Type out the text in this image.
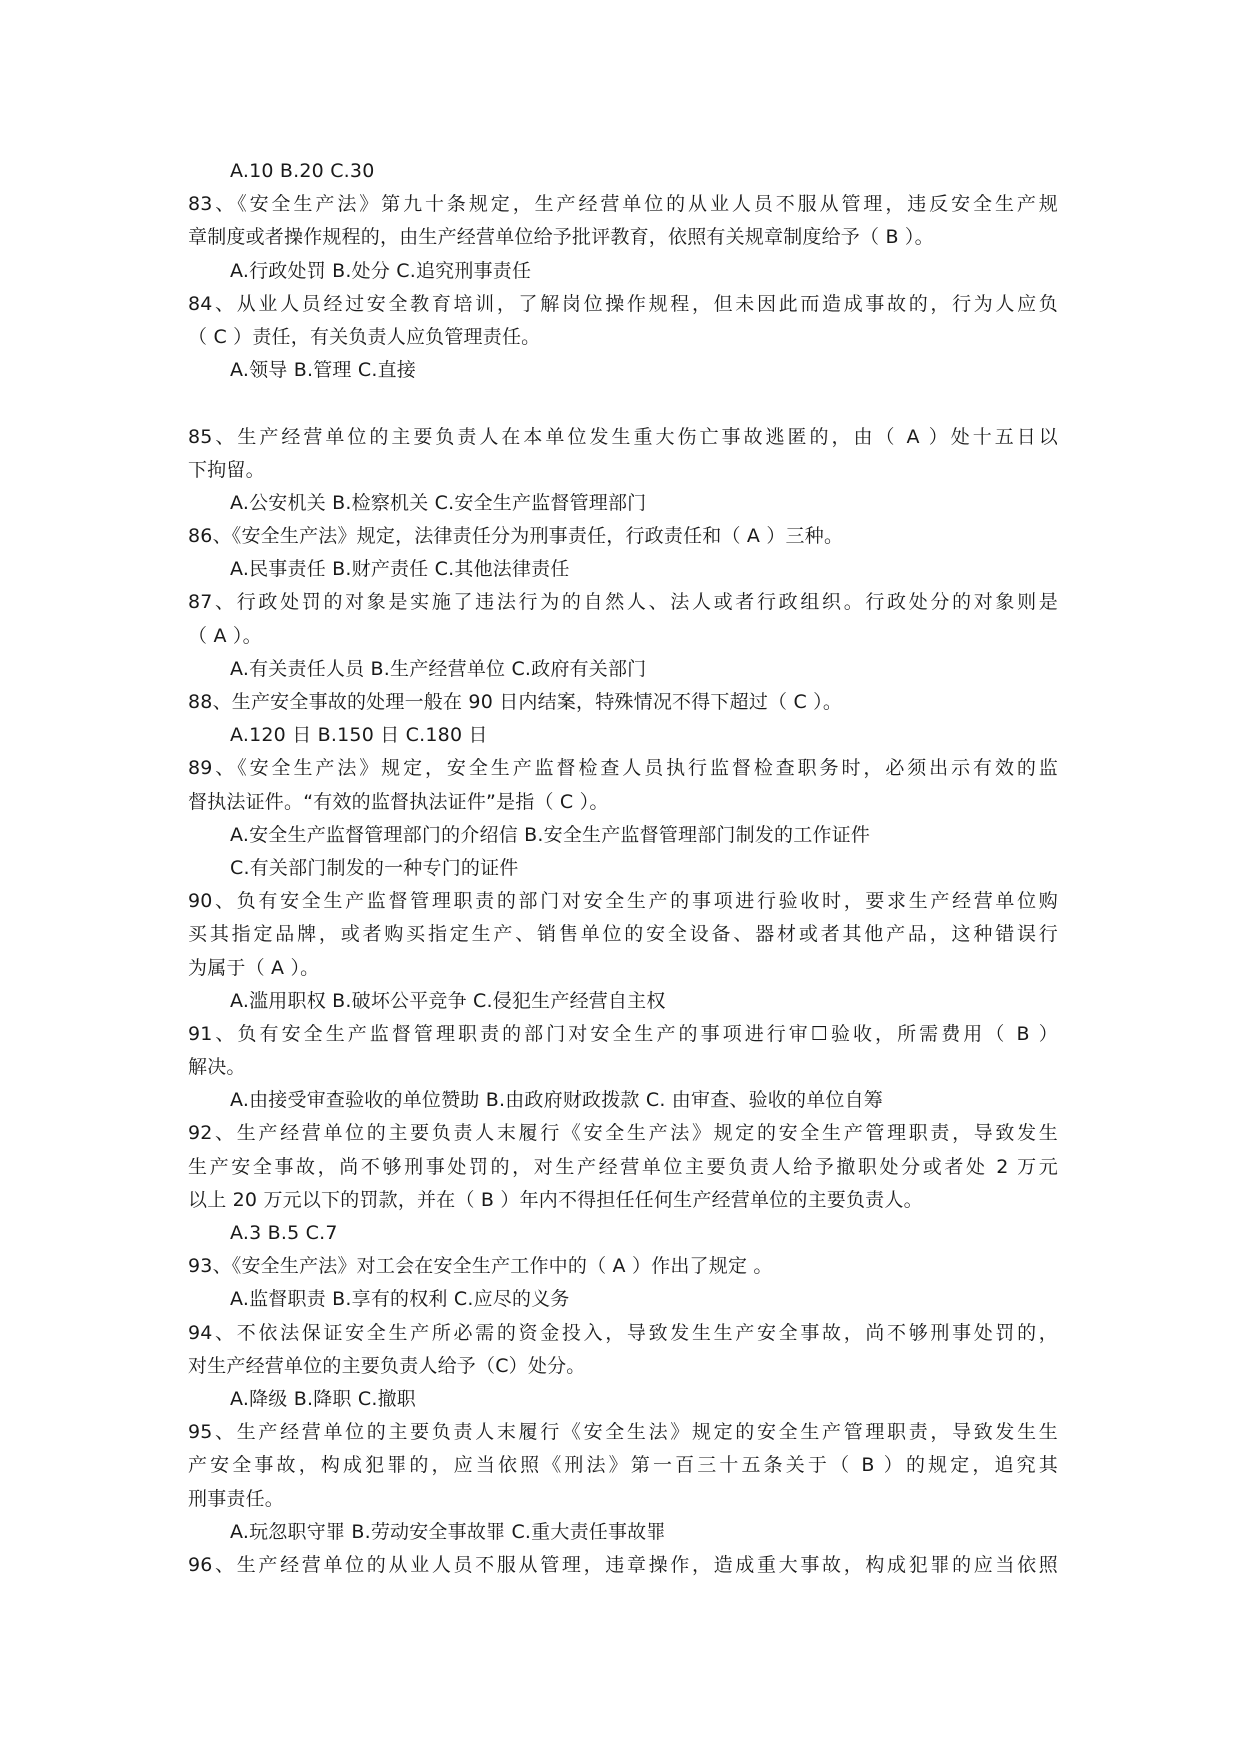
A.10 B.20 C.30
83、《安全生产法》第九十条规定，生产经营单位的从业人员不服从管理，违反安全生产规
章制度或者操作规程的，由生产经营单位给予批评教育，依照有关规章制度给予（ B ）。
A.行政处罚 B.处分 C.追究刑事责任
84、从业人员经过安全教育培训，了解岗位操作规程，但未因此而造成事故的，行为人应负
（ C ）责任，有关负责人应负管理责任。
A.领导 B.管理 C.直接
85、生产经营单位的主要负责人在本单位发生重大伤亡事故逃匿的，由（ A ）处十五日以
下拘留。
A.公安机关 B.检察机关 C.安全生产监督管理部门
86、《安全生产法》规定，法律责任分为刑事责任，行政责任和（ A ）三种。
A.民事责任 B.财产责任 C.其他法律责任
87、行政处罚的对象是实施了违法行为的自然人、法人或者行政组织。行政处分的对象则是
（ A ）。
A.有关责任人员 B.生产经营单位 C.政府有关部门
88、生产安全事故的处理一般在 90 日内结案，特殊情况不得下超过（ C ）。
A.120 日 B.150 日 C.180 日
89、《安全生产法》规定，安全生产监督检查人员执行监督检查职务时，必须出示有效的监
督执法证件。“有效的监督执法证件”是指（ C ）。
A.安全生产监督管理部门的介绍信 B.安全生产监督管理部门制发的工作证件
C.有关部门制发的一种专门的证件
90、负有安全生产监督管理职责的部门对安全生产的事项进行验收时，要求生产经营单位购
买其指定品牌，或者购买指定生产、销售单位的安全设备、器材或者其他产品，这种错误行
为属于（ A ）。
A.滥用职权 B.破坏公平竞争 C.侵犯生产经营自主权
91、负有安全生产监督管理职责的部门对安全生产的事项进行审☐验收，所需费用（ B ）
解决。
A.由接受审查验收的单位赞助 B.由政府财政拨款 C. 由审查、验收的单位自筹
92、生产经营单位的主要负责人末履行《安全生产法》规定的安全生产管理职责，导致发生
生产安全事故，尚不够刑事处罚的，对生产经营单位主要负责人给予撤职处分或者处 2 万元
以上 20 万元以下的罚款，并在（ B ）年内不得担任任何生产经营单位的主要负责人。
A.3 B.5 C.7
93、《安全生产法》对工会在安全生产工作中的（ A ）作出了规定 。
A.监督职责 B.享有的权利 C.应尽的义务
94、不依法保证安全生产所必需的资金投入，导致发生生产安全事故，尚不够刑事处罚的，
对生产经营单位的主要负责人给予（C）处分。
A.降级 B.降职 C.撤职
95、生产经营单位的主要负责人末履行《安全生法》规定的安全生产管理职责，导致发生生
产安全事故，构成犯罪的，应当依照《刑法》第一百三十五条关于（ B ）的规定，追究其
刑事责任。
A.玩忽职守罪 B.劳动安全事故罪 C.重大责任事故罪
96、生产经营单位的从业人员不服从管理，违章操作，造成重大事故，构成犯罪的应当依照
